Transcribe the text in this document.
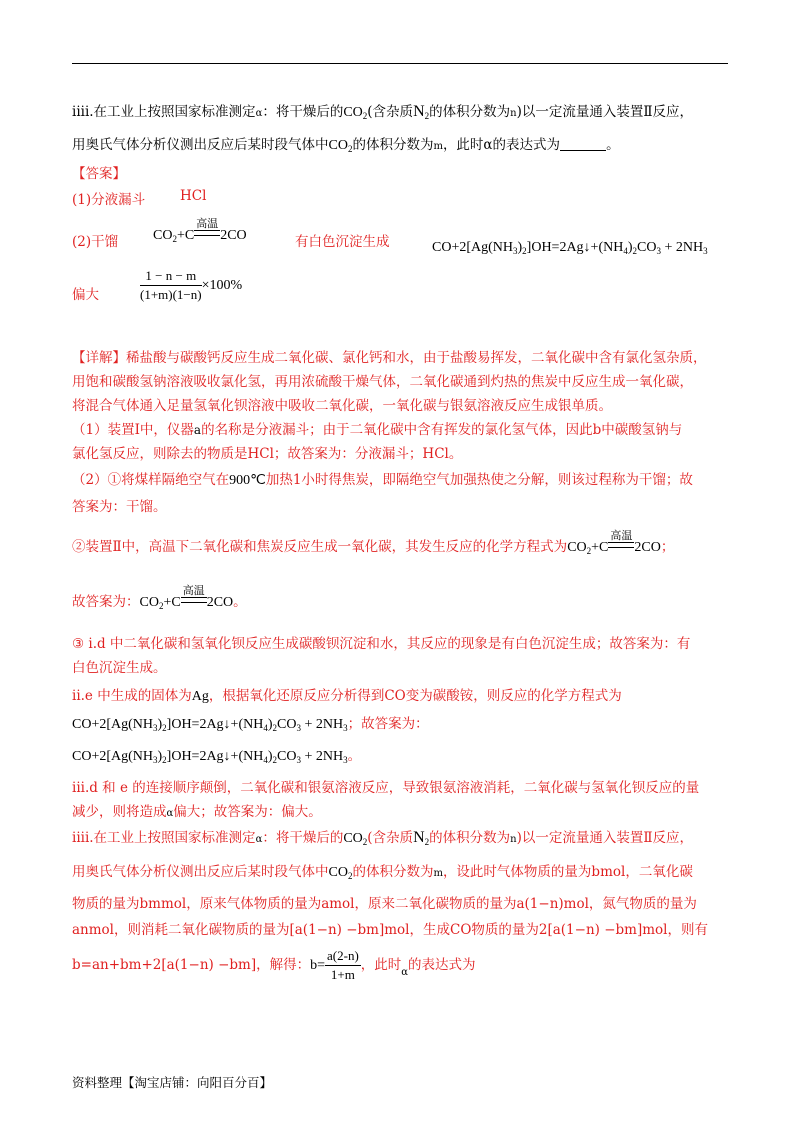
iiii.在工业上按照国家标准测定α：将干燥后的$CO_2$(含杂质$N_2$的体积分数为n)以一定流量通入装置Ⅱ反应，
用奥氏气体分析仪测出反应后某时段气体中$CO_2$的体积分数为m，此时α的表达式为	。
【答案】
(1)分液漏斗	HCl
(2)干馏 $CO_2+C$
高温
2CO	有白色沉淀生成	$CO+2[Ag(NH_3)_2]OH=2Ag↓+(NH_4)_2CO_3 + 2NH_3$
偏大	$\frac{1 - n - m}{(1+m)(1-n)} \times 100\%$
【详解】稀盐酸与碳酸钙反应生成二氧化碳、氯化钙和水，由于盐酸易挥发，二氧化碳中含有氯化氢杂质，
用饱和碳酸氢钠溶液吸收氯化氢，再用浓硫酸干燥气体，二氧化碳通到灼热的焦炭中反应生成一氧化碳，
将混合气体通入足量氢氧化钡溶液中吸收二氧化碳，一氧化碳与银氨溶液反应生成银单质。
（1）装置Ⅰ中，仪器a的名称是分液漏斗；由于二氧化碳中含有挥发的氯化氢气体，因此b中碳酸氢钠与
氯化氢反应，则除去的物质是HCl；故答案为：分液漏斗；HCl。
（2）①将煤样隔绝空气在900℃加热1小时得焦炭，即隔绝空气加强热使之分解，则该过程称为干馏；故
答案为：干馏。
②装置Ⅱ中，高温下二氧化碳和焦炭反应生成一氧化碳，其发生反应的化学方程式为$CO_2+C$
高温
2CO；
故答案为：$CO_2+C$
高温
2CO。
③ i.d 中二氧化碳和氢氧化钡反应生成碳酸钡沉淀和水，其反应的现象是有白色沉淀生成；故答案为：有
白色沉淀生成。
ii.e 中生成的固体为Ag，根据氧化还原反应分析得到CO变为碳酸铵，则反应的化学方程式为
$CO+2[Ag(NH_3)_2]OH=2Ag↓+(NH_4)_2CO_3 + 2NH_3$；故答案为：
$CO+2[Ag(NH_3)_2]OH=2Ag↓+(NH_4)_2CO_3 + 2NH_3$。
iii.d 和 e 的连接顺序颠倒，二氧化碳和银氨溶液反应，导致银氨溶液消耗，二氧化碳与氢氧化钡反应的量
减少，则将造成α偏大；故答案为：偏大。
iiii.在工业上按照国家标准测定α：将干燥后的$CO_2$(含杂质$N_2$的体积分数为n)以一定流量通入装置Ⅱ反应，
用奥氏气体分析仪测出反应后某时段气体中$CO_2$的体积分数为m，设此时气体物质的量为bmol，二氧化碳
物质的量为bmmol，原来气体物质的量为amol，原来二氧化碳物质的量为a(1−n)mol，氮气物质的量为
anmol，则消耗二氧化碳物质的量为[a(1−n) −bm]mol，生成CO物质的量为2[a(1−n) −bm]mol，则有
b=an+bm+2[a(1−n) −bm]，解得：$b= \frac{a(2-n)}{1+m}$ ，此时$_\alpha$的表达式为
资料整理【淘宝店铺：向阳百分百】
